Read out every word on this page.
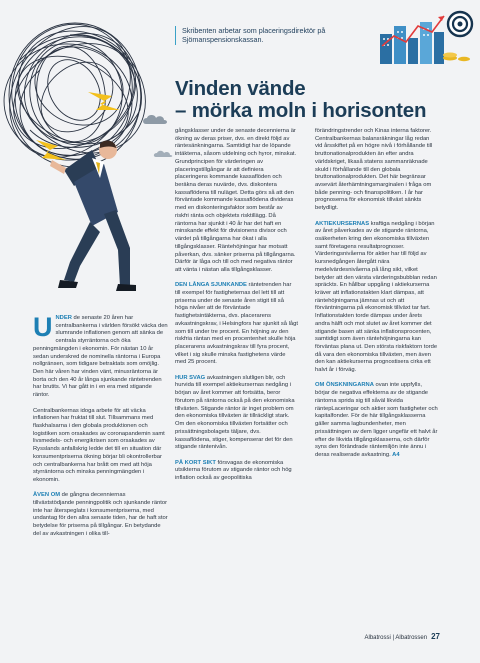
Skribenten arbetar som placeringsdirektör på Sjömanspensionskassan.
Vinden vände
– mörka moln i horisonten

UNDER de senaste 20 åren har centralbankerna i världen försökt väcka den slumrande inflationen genom att sänka de centrala styrräntorna och öka penningmängden i ekonomin. För nästan 10 år sedan underskred de nominella räntorna i Europa nollgränsen, som tidigare betraktats som omöjlig. Den här våren har vinden vänt, minusräntorna är borta och den 40 år långa sjunkande räntetrenden har brutits. Vi har gått in i en era med stigande räntor.

Centralbankernas idoga arbete för att väcka inflationen har fruktat till slut. Tillsammans med flaskhalsarna i den globala produktionen och logistiken som orsakades av coronapandemin samt livsmedels- och energikrisen som orsakades av Rysslands anfallskrig ledde det till en situation där konsumentpriserna ökning börjar bli okontrollerbar och centralbankerna har brått om med att höja styrräntorna och minska penningmängden i ekonomin.

ÄVEN OM de gångna decenniernas tillväxtstödjande penningpolitik och sjunkande räntor inte har återspeglats i konsumentpriserna, med undantag för den allra senaste tiden, har de haft stor betydelse för priserna på tillgångar. En betydande del av avkastningen i olika till-

gångsklasser under de senaste decennierna är ökning av deras priser, dvs. en direkt följd av räntesänkningarna. Samtidigt har de löpande intäkterna, såsom utdelning och hyror, minskat. Grundprincipen för värderingen av placeringstillgångar är att definiera placeringens kommande kassaflöden och beräkna deras nuvärde, dvs. diskontera kassaflödena till nuläget. Detta görs så att den förväntade kommande kassaflödena divideras med en diskonteringsfaktor som består av riskfri ränta och objektets risktillägg. Då räntorna har sjunkit i 40 år har det haft en minskande effekt för divisionens divisor och värdet på tillgångarna har ökat i alla tillgångsklasser. Räntehöjningar har motsatt påverkan, dvs. sänker priserna på tillgångarna. Därför är låga och till och med negativa räntor att vänta i nästan alla tillgångsklasser.

DEN LÅNGA SJUNKANDE räntetrenden har till exempel för fastigheternas del lett till att priserna under de senaste åren stigit till så höga nivåer att de förväntade fastighetsintäkterna, dvs. placerarens avkastningskrav, i Helsingfors har sjunkit så lågt som till under tre procent. En höjning av den riskfria räntan med en procentenhet skulle höja placerarens avkastningskrav till fyra procent, vilket i sig skulle minska fastighetens värde med 25 procent.

HUR SVAG avkastningen slutligen blir, och hurvida till exempel aktiekursernas nedgång i början av året kommer att fortsätta, beror förutom på räntorna också på den ekonomiska tillväxten. Stigande räntor är inget problem om den ekonomiska tillväxten är tillräckligt stark. Om den ekonomiska tillväxten fortsätter och prissättningsbolagets täljare, dvs. kassaflödena, stiger, kompenserar det för den stigande räntenivån.

PÅ KORT SIKT försvagas de ekonomiska utsikterna förutom av stigande räntor och hög inflation också av geopolitiska

förändringstrender och Kinas interna faktorer. Centralbankernas balansräkningar låg redan vid årsskiftet på en högre nivå i förhållande till bruttonationalprodukten än efter andra världskriget, likaså statens sammanräknade skuld i förhållande till den globala bruttonationalprodukten. Det här begränsar avsevärt återhämtningsmarginalen i fråga om både penning- och finanspolitiken. I år har prognoserna för ekonomisk tillväxt sänkts betydligt.

AKTIEKURSERNAS kraftiga nedgång i början av året påverkades av de stigande räntorna, osäkerheten kring den ekonomiska tillväxten samt företagens resultatprognoser. Värderingsnivåerna för aktier har till följd av kursnedgången återgått nära medelvärdesnivåerna på lång sikt, vilket betyder att den värsta värderingsbubblan redan spräckts. En hållbar uppgång i aktiekurserna kräver att inflationstakten klart dämpas, att räntehöjningarna jämnas ut och att förväntningarna på ekonomisk tillväxt tar fart. Inflationstakten torde dämpas under årets andra hälft och mot slutet av året kommer det stigande basen att sänka inflationsprocenten, samtidigt som även räntehöjningarna kan förväntas plana ut. Den största riskfaktorn torde då vara den ekonomiska tillväxten, men även den kan aktiekurserna prognostisera cirka ett halvt år i förväg.

OM ÖNSKNINGARNA ovan inte uppfylls, börjar de negativa effekterna av de stigande räntorna sprida sig till såväl likvida räntepLaceringar och aktier som fastigheter och kapitalfonder. För de här tillgångsklasserna gäller samma lagbundenheter, men prissättningen av dem ligger ungefär ett halvt år efter de likvida tillgångsklasserna, och därför syns den förändrade räntemiljön inte ännu i deras realiserade avkastning. A4

Albatrossi | Albatrossen 27
